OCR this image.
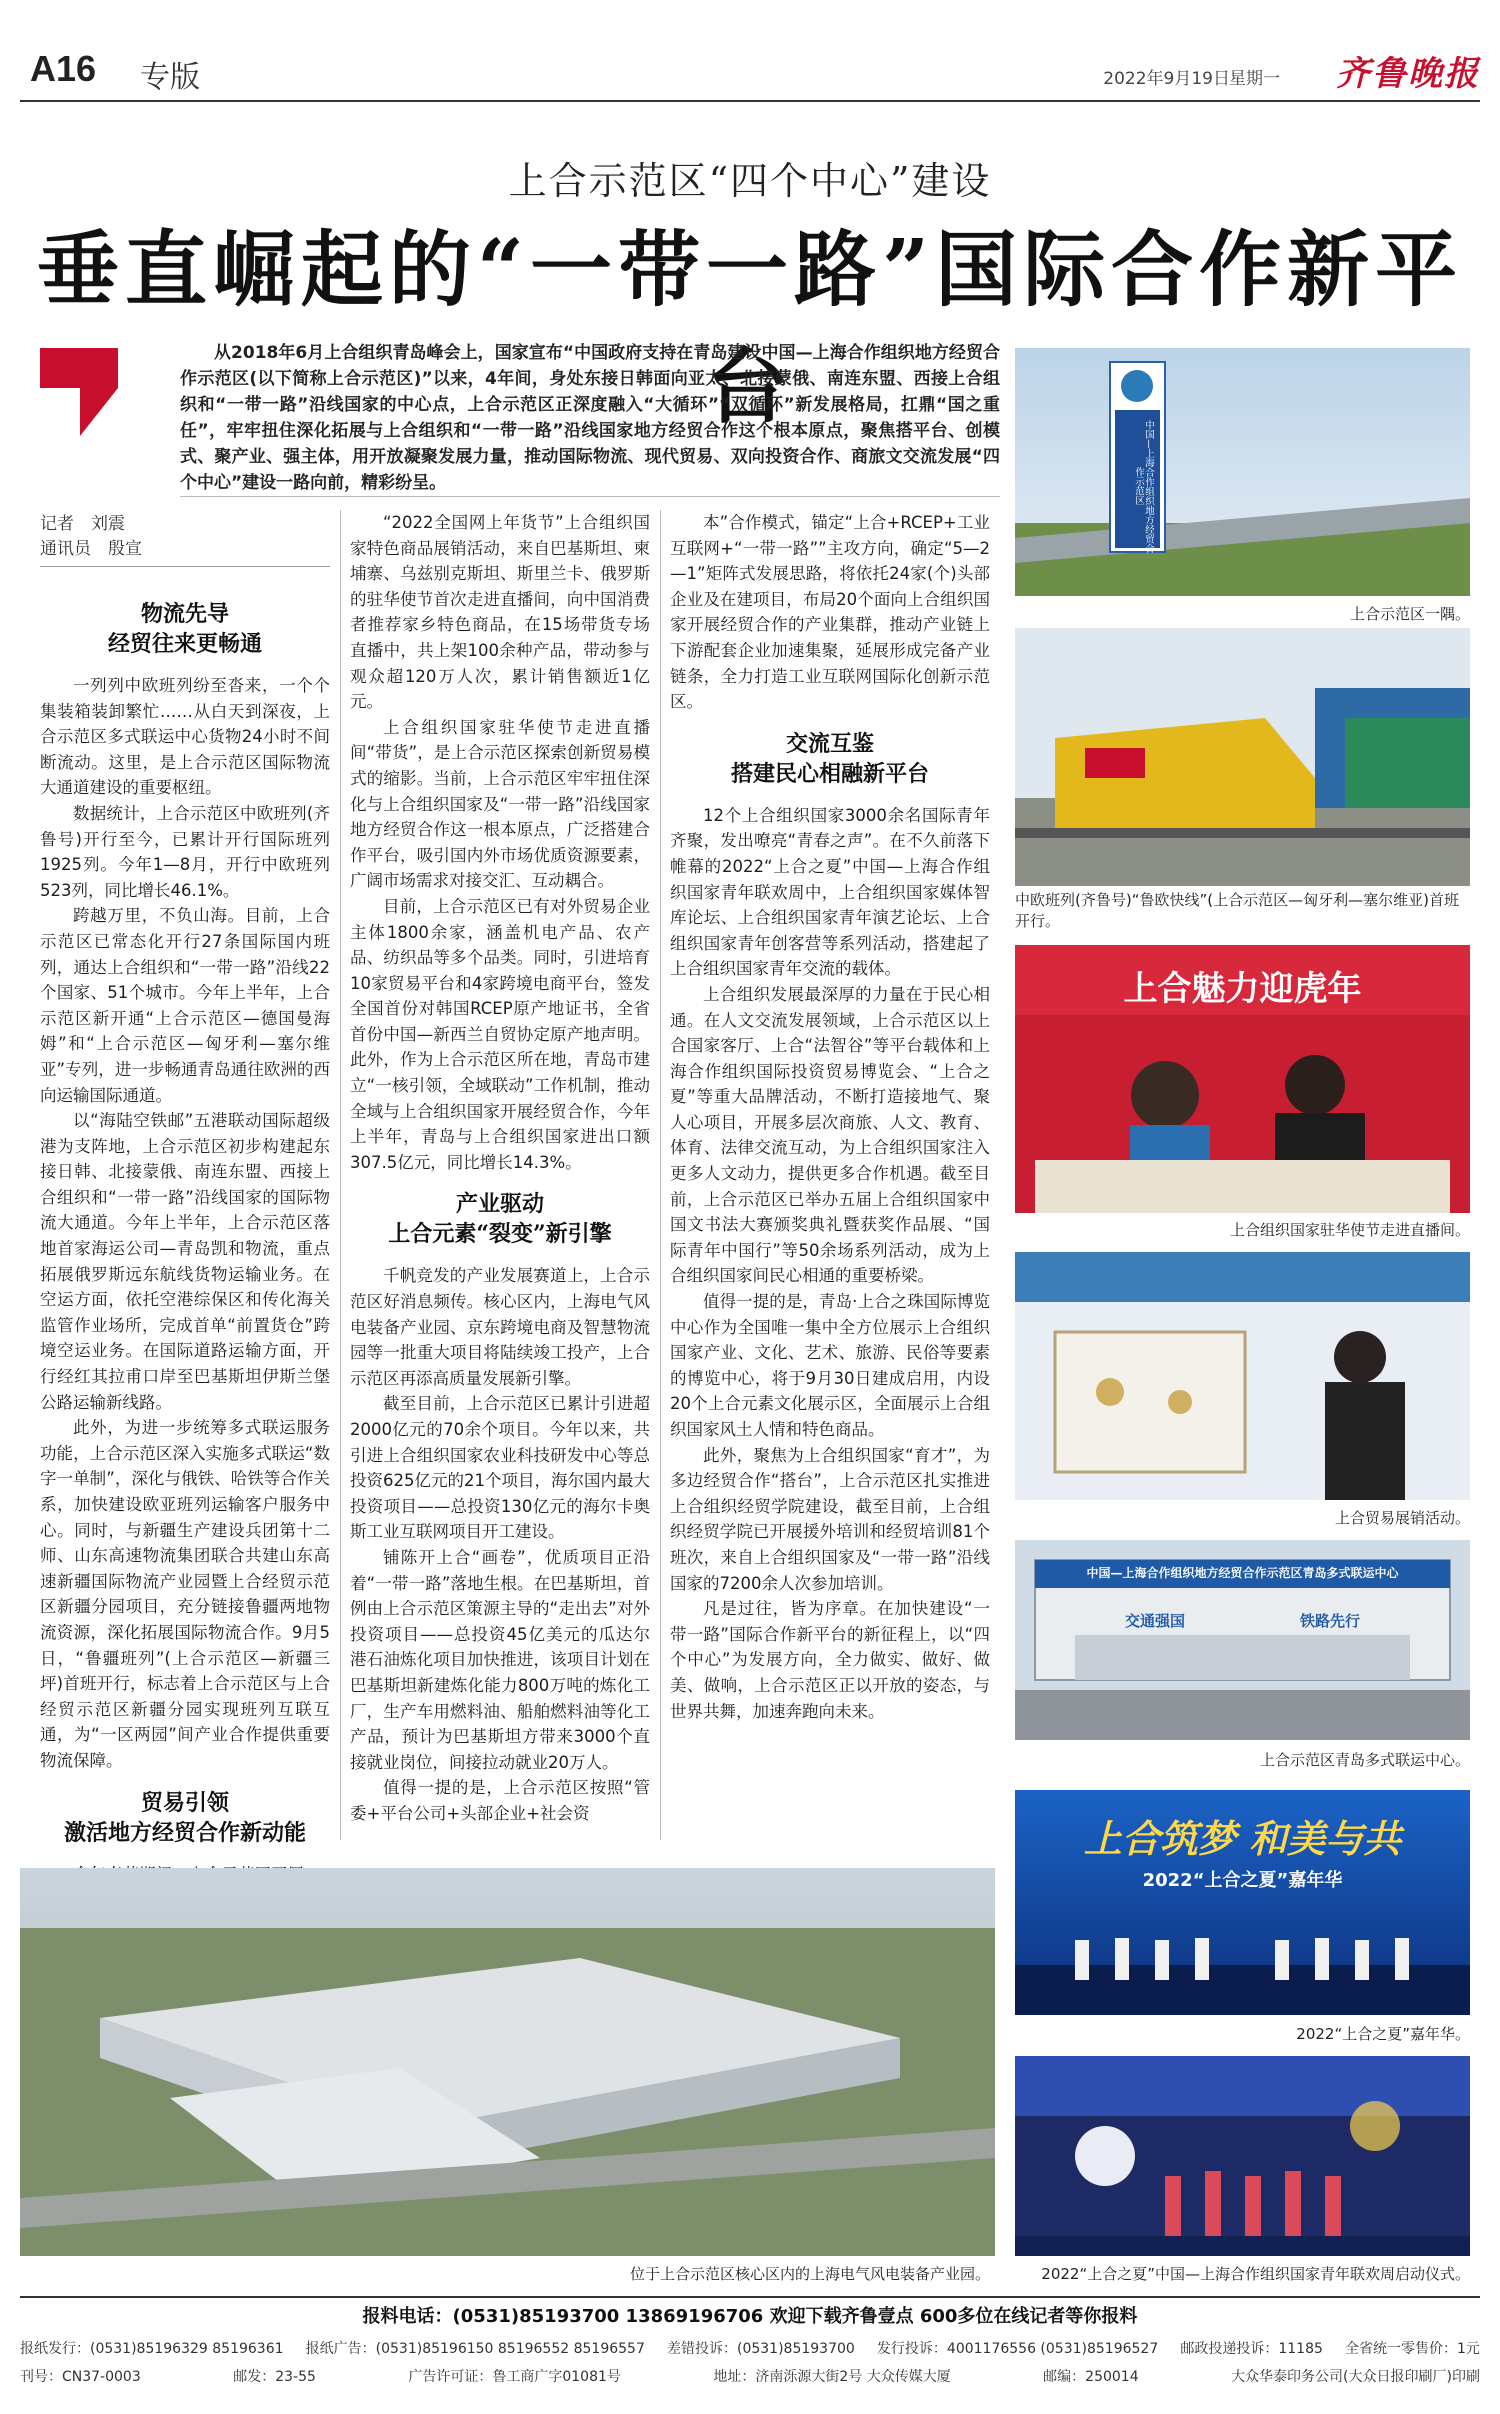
A16 专版	2022年9月19日 星期一 齐鲁晚报
上合示范区“四个中心”建设
垂直崛起的“一带一路”国际合作新平台
从2018年6月上合组织青岛峰会上，国家宣布“中国政府支持在青岛建设中国—上海合作组织地方经贸合作示范区(以下简称上合示范区)”以来，4年间，身处东接日韩面向亚太、北接蒙俄、南连东盟、西接上合组织和“一带一路”沿线国家的中心点，上合示范区正深度融入“大循环”“双循环”新发展格局，扛鼎“国之重任”，牢牢扭住深化拓展与上合组织和“一带一路”沿线国家地方经贸合作这个根本原点，聚焦搭平台、创模式、聚产业、强主体，用开放凝聚发展力量，推动国际物流、现代贸易、双向投资合作、商旅文交流发展“四个中心”建设一路向前，精彩纷呈。
记者　刘震
通讯员　殷宣
物流先导
经贸往来更畅通

一列列中欧班列纷至沓来，一个个集装箱装卸繁忙……从白天到深夜，上合示范区多式联运中心货物24小时不间断流动。这里，是上合示范区国际物流大通道建设的重要枢纽。

数据统计，上合示范区中欧班列(齐鲁号)开行至今，已累计开行国际班列1925列。今年1—8月，开行中欧班列523列，同比增长46.1%。

跨越万里，不负山海。目前，上合示范区已常态化开行27条国际国内班列，通达上合组织和“一带一路”沿线22个国家、51个城市。今年上半年，上合示范区新开通“上合示范区—德国曼海姆”和“上合示范区—匈牙利—塞尔维亚”专列，进一步畅通青岛通往欧洲的西向运输国际通道。

以“海陆空铁邮”五港联动国际超级港为支阵地，上合示范区初步构建起东接日韩、北接蒙俄、南连东盟、西接上合组织和“一带一路”沿线国家的国际物流大通道。今年上半年，上合示范区落地首家海运公司—青岛凯和物流，重点拓展俄罗斯远东航线货物运输业务。在空运方面，依托空港综保区和传化海关监管作业场所，完成首单“前置货仓”跨境空运业务。在国际道路运输方面，开行经红其拉甫口岸至巴基斯坦伊斯兰堡公路运输新线路。

此外，为进一步统筹多式联运服务功能，上合示范区深入实施多式联运“数字一单制”，深化与俄铁、哈铁等合作关系，加快建设欧亚班列运输客户服务中心。同时，与新疆生产建设兵团第十二师、山东高速物流集团联合共建山东高速新疆国际物流产业园暨上合经贸示范区新疆分园项目，充分链接鲁疆两地物流资源，深化拓展国际物流合作。9月5日，“鲁疆班列”(上合示范区—新疆三坪)首班开行，标志着上合示范区与上合经贸示范区新疆分园实现班列互联互通，为“一区两园”间产业合作提供重要物流保障。

贸易引领
激活地方经贸合作新动能

“2022全国网上年货节”上合组织国家特色商品展销活动，来自巴基斯坦、柬埔寨、乌兹别克斯坦、斯里兰卡、俄罗斯的驻华使节首次走进直播间，向中国消费者推荐家乡特色商品，在15场带货专场直播中，共上架100余种产品，带动参与观众超120万人次，累计销售额近1亿元。

上合组织国家驻华使节走进直播间“带货”，是上合示范区探索创新贸易模式的缩影。当前，上合示范区牢牢扭住深化与上合组织国家及“一带一路”沿线国家地方经贸合作这一根本原点，广泛搭建合作平台，吸引国内外市场优质资源要素，广阔市场需求对接交汇、互动耦合。

目前，上合示范区已有对外贸易企业主体1800余家，涵盖机电产品、农产品、纺织品等多个品类。同时，引进培育10家贸易平台和4家跨境电商平台，签发全国首份对韩国RCEP原产地证书，全省首份中国—新西兰自贸协定原产地声明。此外，作为上合示范区所在地，青岛市建立“一核引领，全域联动”工作机制，推动全域与上合组织国家开展经贸合作，今年上半年，青岛与上合组织国家进出口额307.5亿元，同比增长14.3%。

产业驱动
上合元素“裂变”新引擎

千帆竞发的产业发展赛道上，上合示范区好消息频传。核心区内，上海电气风电装备产业园、京东跨境电商及智慧物流园等一批重大项目将陆续竣工投产，上合示范区再添高质量发展新引擎。

截至目前，上合示范区已累计引进超2000亿元的70余个项目。今年以来，共引进上合组织国家农业科技研发中心等总投资625亿元的21个项目，海尔国内最大投资项目——总投资130亿元的海尔卡奥斯工业互联网项目开工建设。

铺陈开上合“画卷”，优质项目正沿着“一带一路”落地生根。在巴基斯坦，首例由上合示范区策源主导的“走出去”对外投资项目——总投资45亿美元的瓜达尔港石油炼化项目加快推进，该项目计划在巴基斯坦新建炼化能力800万吨的炼化工厂，生产车用燃料油、船舶燃料油等化工产品，预计为巴基斯坦方带来3000个直接就业岗位，间接拉动就业20万人。

值得一提的是，上合示范区按照“管委+平台公司+头部企业+社会资

本”合作模式，锚定“上合+RCEP+工业互联网+“一带一路””主攻方向，确定“5—2—1”矩阵式发展思路，将依托24家(个)头部企业及在建项目，布局20个面向上合组织国家开展经贸合作的产业集群，推动产业链上下游配套企业加速集聚，延展形成完备产业链条，全力打造工业互联网国际化创新示范区。

交流互鉴
搭建民心相融新平台

12个上合组织国家3000余名国际青年齐聚，发出嘹亮“青春之声”。在不久前落下帷幕的2022“上合之夏”中国—上海合作组织国家青年联欢周中，上合组织国家媒体智库论坛、上合组织国家青年演艺论坛、上合组织国家青年创客营等系列活动，搭建起了上合组织国家青年交流的载体。

上合组织发展最深厚的力量在于民心相通。在人文交流发展领域，上合示范区以上合国家客厅、上合“法智谷”等平台载体和上海合作组织国际投资贸易博览会、“上合之夏”等重大品牌活动，不断打造接地气、聚人心项目，开展多层次商旅、人文、教育、体育、法律交流互动，为上合组织国家注入更多人文动力，提供更多合作机遇。截至目前，上合示范区已举办五届上合组织国家中国文书法大赛颁奖典礼暨获奖作品展、“国际青年中国行”等50余场系列活动，成为上合组织国家间民心相通的重要桥梁。

值得一提的是，青岛·上合之珠国际博览中心作为全国唯一集中全方位展示上合组织国家产业、文化、艺术、旅游、民俗等要素的博览中心，将于9月30日建成启用，内设20个上合元素文化展示区，全面展示上合组织国家风土人情和特色商品。

此外，聚焦为上合组织国家“育才”，为多边经贸合作“搭台”，上合示范区扎实推进上合组织经贸学院建设，截至目前，上合组织经贸学院已开展援外培训和经贸培训81个班次，来自上合组织国家及“一带一路”沿线国家的7200余人次参加培训。

凡是过往，皆为序章。在加快建设“一带一路”国际合作新平台的新征程上，以“四个中心”为发展方向，全力做实、做好、做美、做响，上合示范区正以开放的姿态，与世界共舞，加速奔跑向未来。

上合示范区一隅。
中欧班列(齐鲁号)“鲁欧快线”(上合示范区—匈牙利—塞尔维亚)首班开行。
上合魅力迎虎年
上合组织国家驻华使节走进直播间。
上合贸易展销活动。
中国—上海合作组织地方经贸合作示范区青岛多式联运中心
交通强国	铁路先行
上合示范区青岛多式联运中心。
上合筑梦 和美与共
2022“上合之夏”嘉年华
2022“上合之夏”嘉年华。
2022“上合之夏”中国—上海合作组织国家青年联欢周启动仪式。
位于上合示范区核心区内的上海电气风电装备产业园。
报料电话：(0531)85193700 13869196706 欢迎下载齐鲁壹点 600多位在线记者等你报料
报纸发行：(0531)85196329 85196361 报纸广告：(0531)85196150 85196552 85196557 差错投诉：(0531)85193700 发行投诉：4001176556 (0531)85196527 邮政投递投诉：11185 全省统一零售价：1元
刊号：CN37-0003	邮发：23-55	广告许可证：鲁工商广字01081号	地址：济南泺源大街2号 大众传媒大厦	邮编：250014	大众华泰印务公司(大众日报印刷厂)印刷
中国—上海合作组织地方经贸合作示范区
